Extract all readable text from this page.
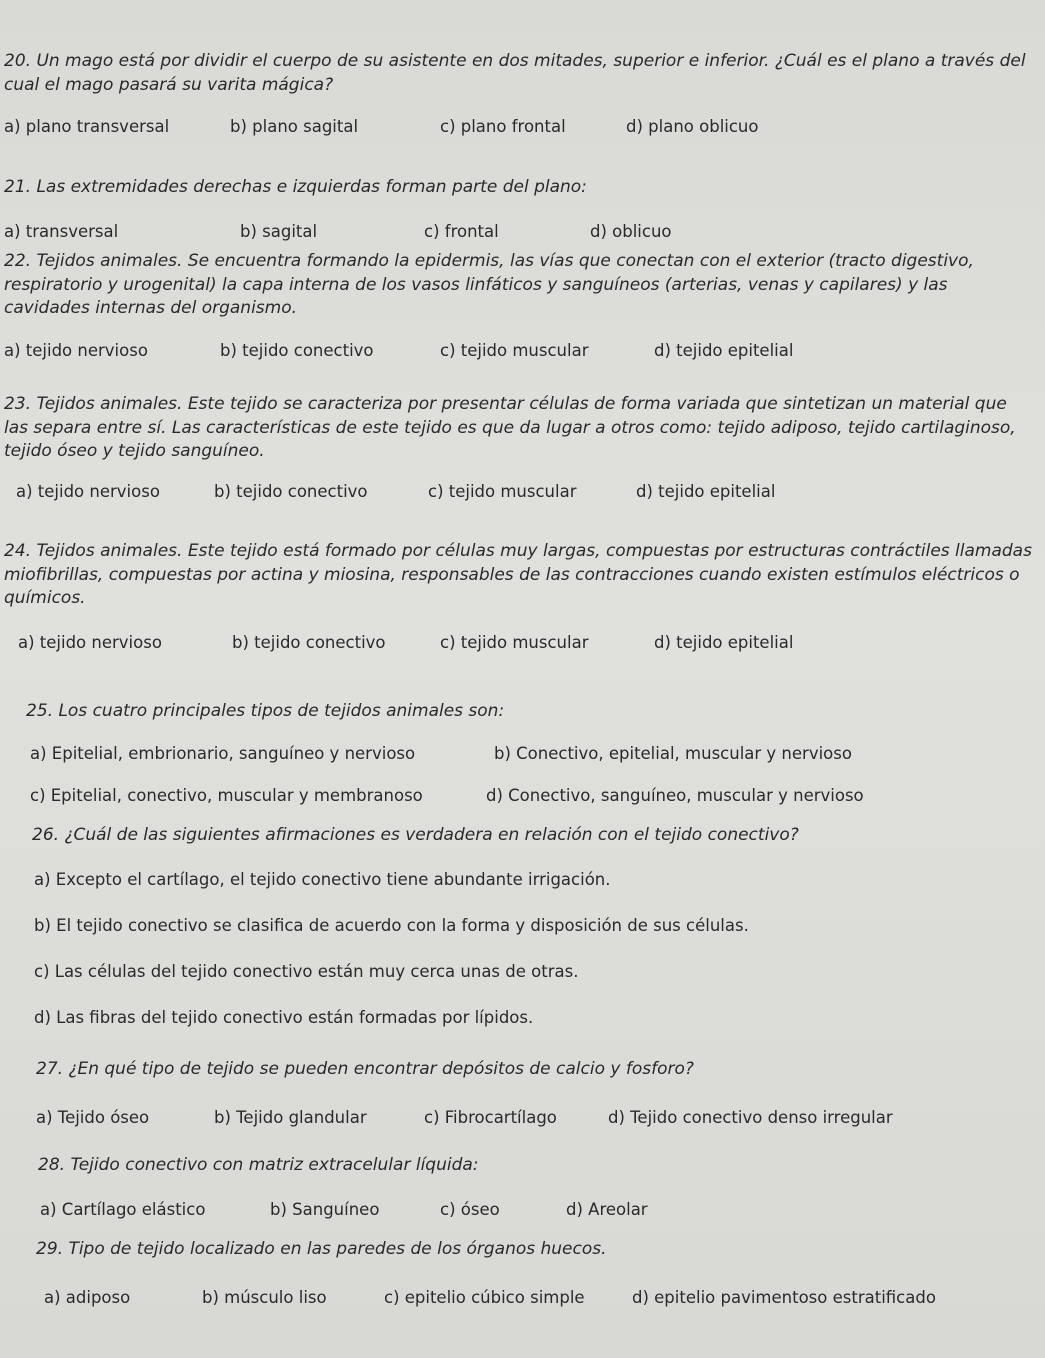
20. Un mago está por dividir el cuerpo de su asistente en dos mitades, superior e inferior. ¿Cuál es el plano a través del cual el mago pasará su varita mágica?

a) plano transversal	b) plano sagital	c) plano frontal	d) plano oblicuo

21. Las extremidades derechas e izquierdas forman parte del plano:

a) transversal	b) sagital	c) frontal	d) oblicuo

22. Tejidos animales. Se encuentra formando la epidermis, las vías que conectan con el exterior (tracto digestivo, respiratorio y urogenital) la capa interna de los vasos linfáticos y sanguíneos (arterias, venas y capilares) y las cavidades internas del organismo.

a) tejido nervioso	b) tejido conectivo	c) tejido muscular	d) tejido epitelial

23. Tejidos animales. Este tejido se caracteriza por presentar células de forma variada que sintetizan un material que las separa entre sí. Las características de este tejido es que da lugar a otros como: tejido adiposo, tejido cartilaginoso, tejido óseo y tejido sanguíneo.

a) tejido nervioso	b) tejido conectivo	c) tejido muscular	d) tejido epitelial

24. Tejidos animales. Este tejido está formado por células muy largas, compuestas por estructuras contráctiles llamadas miofibrillas, compuestas por actina y miosina, responsables de las contracciones cuando existen estímulos eléctricos o químicos.

a) tejido nervioso	b) tejido conectivo	c) tejido muscular	d) tejido epitelial

25. Los cuatro principales tipos de tejidos animales son:

a) Epitelial, embrionario, sanguíneo y nervioso	b) Conectivo, epitelial, muscular y nervioso
c) Epitelial, conectivo, muscular y membranoso	d) Conectivo, sanguíneo, muscular y nervioso

26. ¿Cuál de las siguientes afirmaciones es verdadera en relación con el tejido conectivo?

a) Excepto el cartílago, el tejido conectivo tiene abundante irrigación.
b) El tejido conectivo se clasifica de acuerdo con la forma y disposición de sus células.
c) Las células del tejido conectivo están muy cerca unas de otras.
d) Las fibras del tejido conectivo están formadas por lípidos.

27. ¿En qué tipo de tejido se pueden encontrar depósitos de calcio y fosforo?

a) Tejido óseo	b) Tejido glandular	c) Fibrocartílago	d) Tejido conectivo denso irregular

28. Tejido conectivo con matriz extracelular líquida:

a) Cartílago elástico	b) Sanguíneo	c) óseo	d) Areolar

29. Tipo de tejido localizado en las paredes de los órganos huecos.

a) adiposo	b) músculo liso	c) epitelio cúbico simple	d) epitelio pavimentoso estratificado
